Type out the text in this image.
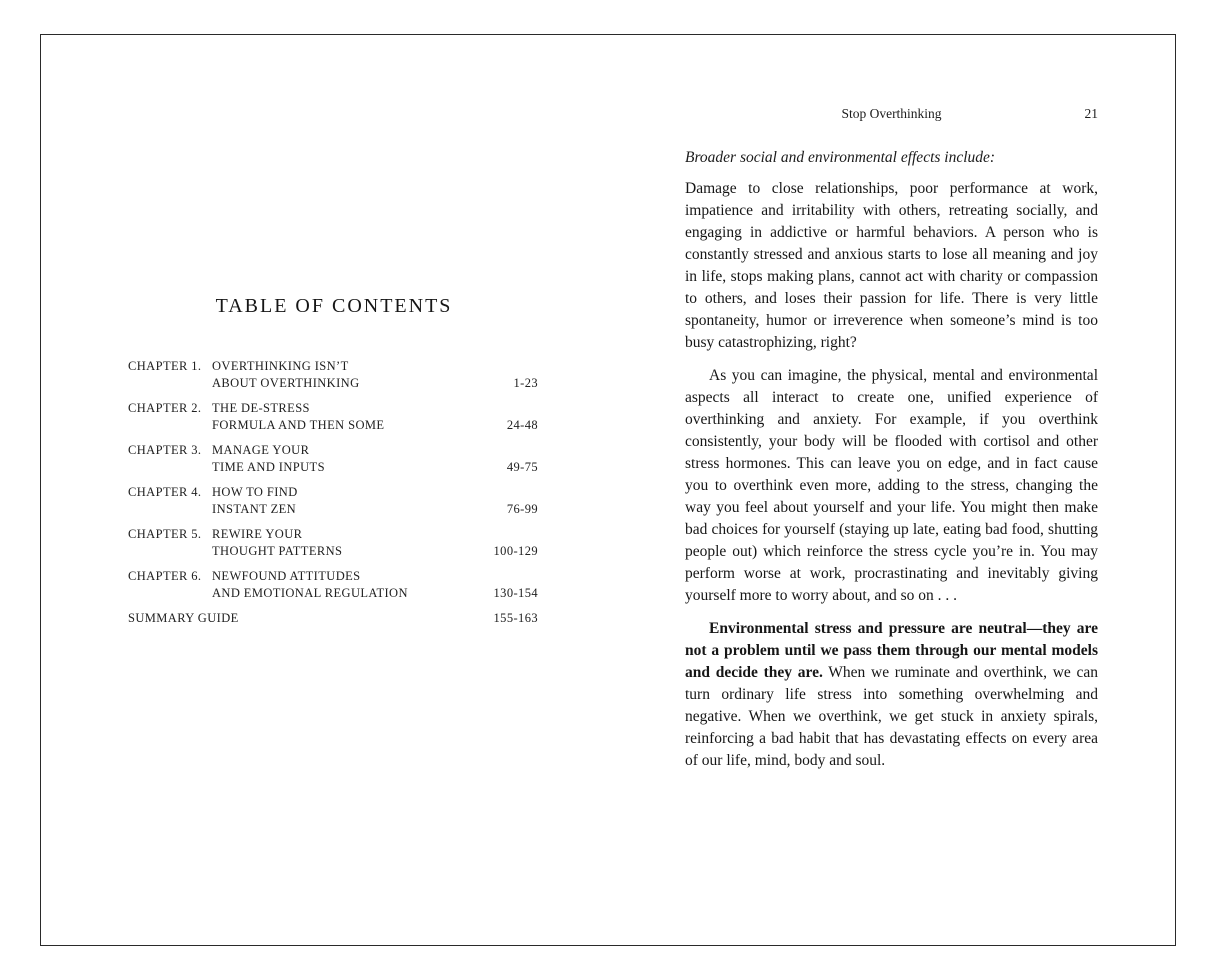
TABLE OF CONTENTS
CHAPTER 1. OVERTHINKING ISN’T
ABOUT OVERTHINKING	1-23
CHAPTER 2. THE DE-STRESS
FORMULA AND THEN SOME	24-48
CHAPTER 3. MANAGE YOUR
TIME AND INPUTS	49-75
CHAPTER 4. HOW TO FIND
INSTANT ZEN	76-99
CHAPTER 5. REWIRE YOUR
THOUGHT PATTERNS	100-129
CHAPTER 6. NEWFOUND ATTITUDES
AND EMOTIONAL REGULATION	130-154
SUMMARY GUIDE	155-163
Stop Overthinking	21
Broader social and environmental effects include:

Damage to close relationships, poor performance at work, impatience and irritability with others, retreating socially, and engaging in addictive or harmful behaviors. A person who is constantly stressed and anxious starts to lose all meaning and joy in life, stops making plans, cannot act with charity or compassion to others, and loses their passion for life. There is very little spontaneity, humor or irreverence when someone’s mind is too busy catastrophizing, right?

As you can imagine, the physical, mental and environmental aspects all interact to create one, unified experience of overthinking and anxiety. For example, if you overthink consistently, your body will be flooded with cortisol and other stress hormones. This can leave you on edge, and in fact cause you to overthink even more, adding to the stress, changing the way you feel about yourself and your life. You might then make bad choices for yourself (staying up late, eating bad food, shutting people out) which reinforce the stress cycle you’re in. You may perform worse at work, procrastinating and inevitably giving yourself more to worry about, and so on . . .

Environmental stress and pressure are neutral—they are not a problem until we pass them through our mental models and decide they are. When we ruminate and overthink, we can turn ordinary life stress into something overwhelming and negative. When we overthink, we get stuck in anxiety spirals, reinforcing a bad habit that has devastating effects on every area of our life, mind, body and soul.
